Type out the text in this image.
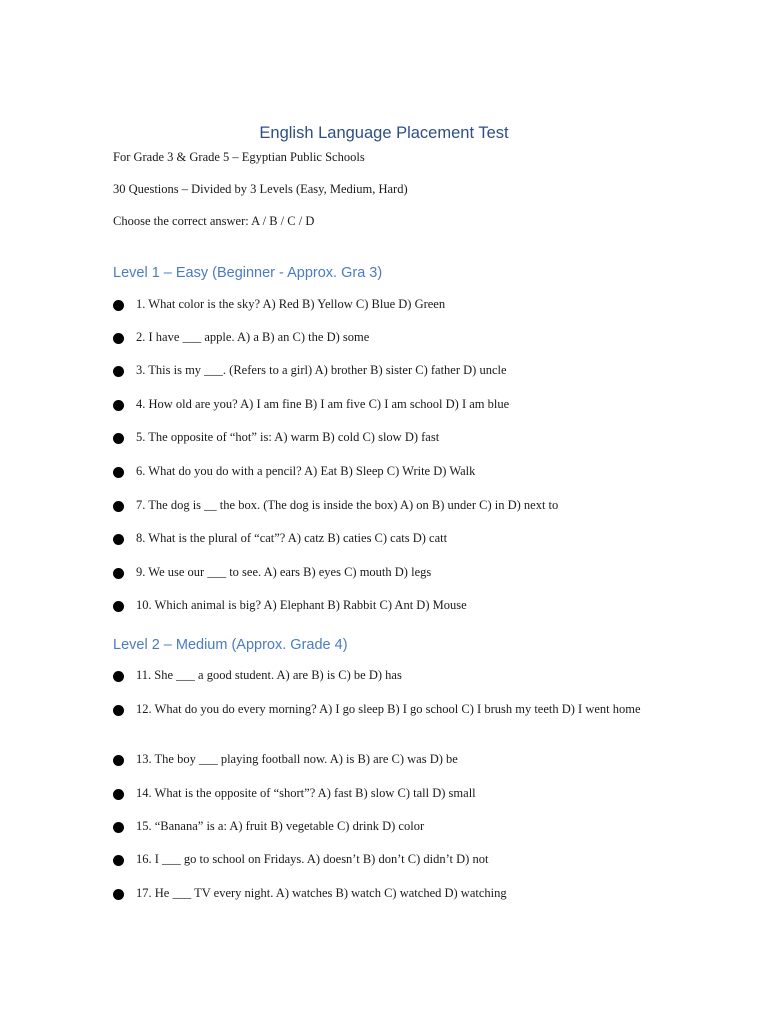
English Language Placement Test

For Grade 3 & Grade 5 – Egyptian Public Schools

30 Questions – Divided by 3 Levels (Easy, Medium, Hard)

Choose the correct answer: A / B / C / D

Level 1 – Easy (Beginner - Approx. Gra 3)
1. What color is the sky? A) Red B) Yellow C) Blue D) Green
2. I have ___ apple. A) a B) an C) the D) some
3. This is my ___. (Refers to a girl) A) brother B) sister C) father D) uncle
4. How old are you? A) I am fine B) I am five C) I am school D) I am blue
5. The opposite of “hot” is: A) warm B) cold C) slow D) fast
6. What do you do with a pencil? A) Eat B) Sleep C) Write D) Walk
7. The dog is __ the box. (The dog is inside the box) A) on B) under C) in D) next to
8. What is the plural of “cat”? A) catz B) caties C) cats D) catt
9. We use our ___ to see. A) ears B) eyes C) mouth D) legs
10. Which animal is big? A) Elephant B) Rabbit C) Ant D) Mouse
Level 2 – Medium (Approx. Grade 4)
11. She ___ a good student. A) are B) is C) be D) has
12. What do you do every morning? A) I go sleep B) I go school C) I brush my teeth D) I went home
13. The boy ___ playing football now. A) is B) are C) was D) be
14. What is the opposite of “short”? A) fast B) slow C) tall D) small
15. “Banana” is a: A) fruit B) vegetable C) drink D) color
16. I ___ go to school on Fridays. A) doesn’t B) don’t C) didn’t D) not
17. He ___ TV every night. A) watches B) watch C) watched D) watching
